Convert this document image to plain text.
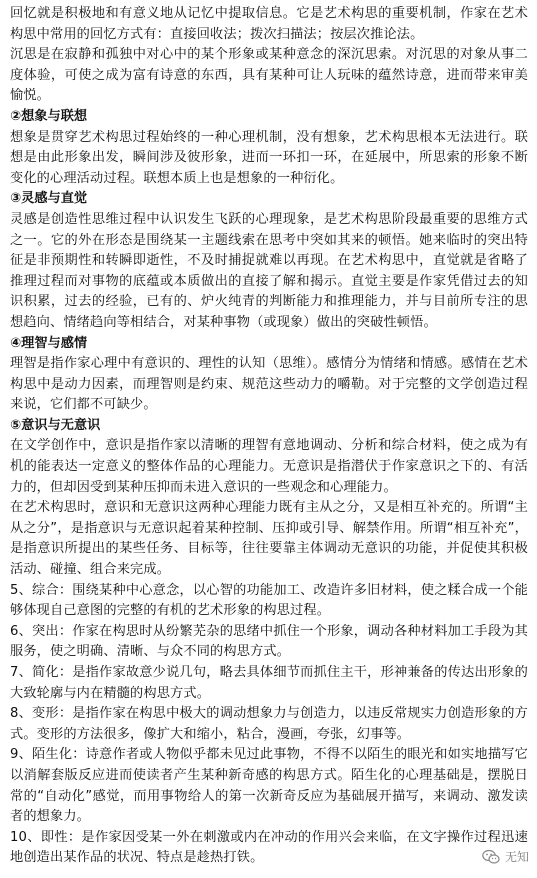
回忆就是积极地和有意义地从记忆中提取信息。它是艺术构思的重要机制，作家在艺术构思中常用的回忆方式有：直接回收法；拨次扫描法；按层次推论法。

沉思是在寂静和孤独中对心中的某个形象或某种意念的深沉思索。对沉思的对象从事二度体验，可使之成为富有诗意的东西，具有某种可让人玩味的蕴然诗意，进而带来审美愉悦。

②想象与联想

想象是贯穿艺术构思过程始终的一种心理机制，没有想象，艺术构思根本无法进行。联想是由此形象出发，瞬间涉及彼形象，进而一环扣一环，在延展中，所思索的形象不断变化的心理活动过程。联想本质上也是想象的一种衍化。

③灵感与直觉

灵感是创造性思维过程中认识发生飞跃的心理现象，是艺术构思阶段最重要的思维方式之一。它的外在形态是围绕某一主题线索在思考中突如其来的顿悟。她来临时的突出特征是非预期性和转瞬即逝性，不及时捕捉就难以再现。在艺术构思中，直觉就是省略了推理过程而对事物的底蕴或本质做出的直接了解和揭示。直觉主要是作家凭借过去的知识积累，过去的经验，已有的、炉火纯青的判断能力和推理能力，并与目前所专注的思想趋向、情绪趋向等相结合，对某种事物（或现象）做出的突破性顿悟。

④理智与感情

理智是指作家心理中有意识的、理性的认知（思维）。感情分为情绪和情感。感情在艺术构思中是动力因素，而理智则是约束、规范这些动力的嚼勒。对于完整的文学创造过程来说，它们都不可缺少。

⑤意识与无意识

在文学创作中，意识是指作家以清晰的理智有意地调动、分析和综合材料，使之成为有机的能表达一定意义的整体作品的心理能力。无意识是指潜伏于作家意识之下的、有活力的，但却因受到某种压抑而未进入意识的一些观念和心理能力。

在艺术构思时，意识和无意识这两种心理能力既有主从之分，又是相互补充的。所谓“主从之分”，是指意识与无意识起着某种控制、压抑或引导、解禁作用。所谓“相互补充”，是指意识所提出的某些任务、目标等，往往要靠主体调动无意识的功能，并促使其积极活动、碰撞、组合来完成。

5、综合：围绕某种中心意念，以心智的功能加工、改造许多旧材料，使之糅合成一个能够体现自己意图的完整的有机的艺术形象的构思过程。

6、突出：作家在构思时从纷繁芜杂的思绪中抓住一个形象，调动各种材料加工手段为其服务，使之明确、清晰、与众不同的构思方式。

7、简化：是指作家故意少说几句，略去具体细节而抓住主干，形神兼备的传达出形象的大致轮廓与内在精髓的构思方式。

8、变形：是指作家在构思中极大的调动想象力与创造力，以违反常规实力创造形象的方式。变形的方法很多，像扩大和缩小，粘合，漫画，夸张，幻事等。

9、陌生化：诗意作者或人物似乎都未见过此事物，不得不以陌生的眼光和如实地描写它以消解套版反应进而使读者产生某种新奇感的构思方式。陌生化的心理基础是，摆脱日常的“自动化”感觉，而用事物给人的第一次新奇反应为基础展开描写，来调动、激发读者的想象力。

10、即性：是作家因受某一外在刺激或内在冲动的作用兴会来临，在文字操作过程迅速地创造出某作品的状况、特点是趁热打铁。	无知
